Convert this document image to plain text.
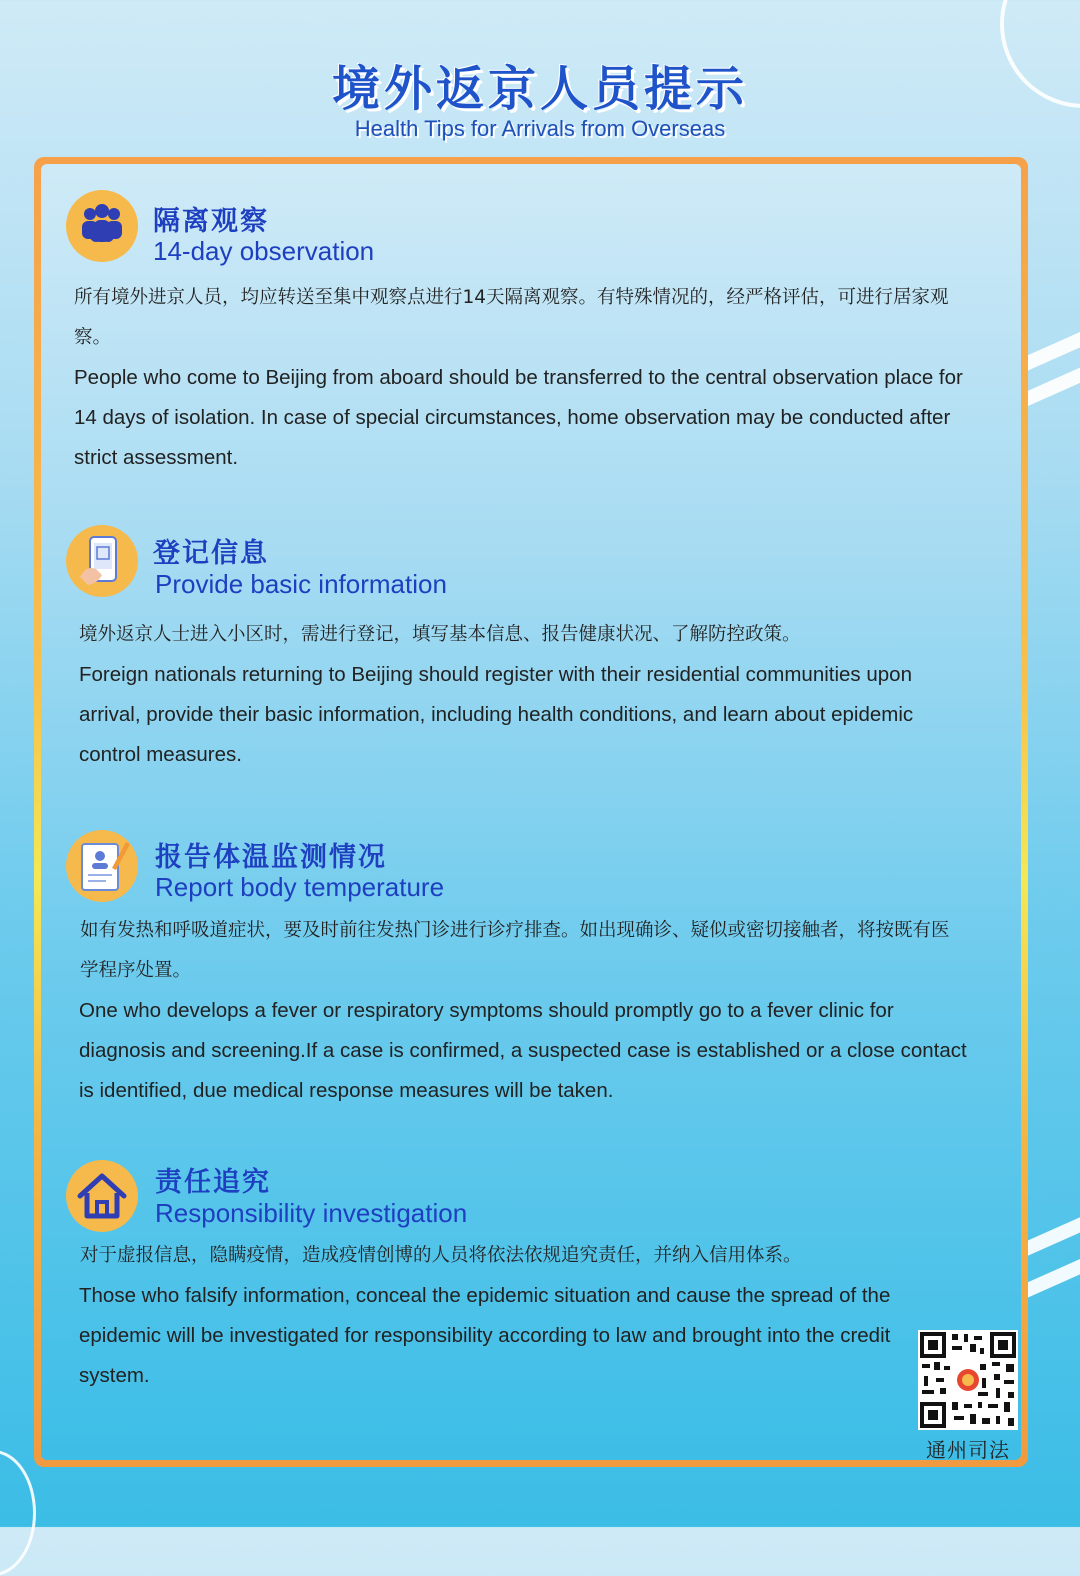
境外返京人员提示
Health Tips for Arrivals from Overseas
隔离观察
14-day observation
所有境外进京人员，均应转送至集中观察点进行14天隔离观察。有特殊情况的，经严格评估，可进行居家观察。
People who come to Beijing from aboard should be transferred to the central observation place for 14 days of isolation. In case of special circumstances, home observation may be conducted after strict assessment.
登记信息
Provide basic information
境外返京人士进入小区时，需进行登记，填写基本信息、报告健康状况、了解防控政策。
Foreign nationals returning to Beijing should register with their residential communities upon arrival, provide their basic information, including health conditions, and learn about epidemic control measures.
报告体温监测情况
Report body temperature
如有发热和呼吸道症状，要及时前往发热门诊进行诊疗排查。如出现确诊、疑似或密切接触者，将按既有医学程序处置。
One who develops a fever or respiratory symptoms should promptly go to a fever clinic for diagnosis and screening.If a case is confirmed, a suspected case is established or a close contact is identified, due medical response measures will be taken.
责任追究
Responsibility investigation
对于虚报信息，隐瞒疫情，造成疫情创博的人员将依法依规追究责任，并纳入信用体系。
Those who falsify information, conceal the epidemic situation and cause the spread of the epidemic will be investigated for responsibility according to law and brought into the credit system.
通州司法
